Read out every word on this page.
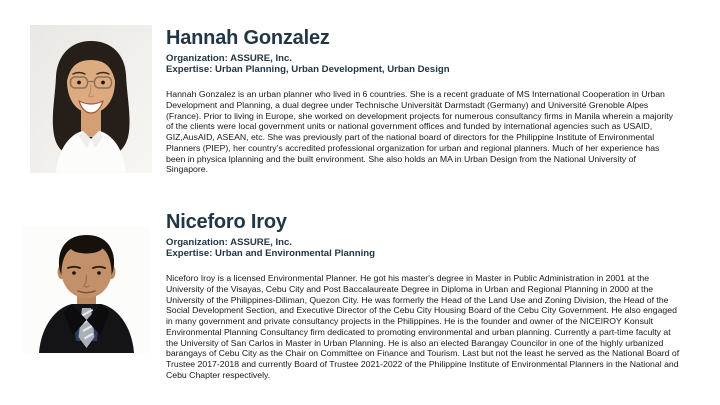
Hannah Gonzalez
Organization: ASSURE, Inc.
Expertise: Urban Planning, Urban Development, Urban Design
Hannah Gonzalez is an urban planner who lived in 6 countries. She is a recent graduate of MS International Cooperation in Urban Development and Planning, a dual degree under Technische Universität Darmstadt (Germany) and Université Grenoble Alpes (France). Prior to living in Europe, she worked on development projects for numerous consultancy firms in Manila wherein a majority of the clients were local government units or national government offices and funded by international agencies such as USAID, GIZ,AusAID, ASEAN, etc. She was previously part of the national board of directors for the Philippine Institute of Environmental Planners (PIEP), her country’s accredited professional organization for urban and regional planners. Much of her experience has been in physica lplanning and the built environment. She also holds an MA in Urban Design from the National University of Singapore.
Niceforo Iroy
Organization: ASSURE, Inc.
Expertise: Urban and Environmental Planning
Niceforo Iroy is a licensed Environmental Planner. He got his master's degree in Master in Public Administration in 2001 at the University of the Visayas, Cebu City and Post Baccalaureate Degree in Diploma in Urban and Regional Planning in 2000 at the University of the Philippines-Diliman, Quezon City. He was formerly the Head of the Land Use and Zoning Division, the Head of the Social Development Section, and Executive Director of the Cebu City Housing Board of the Cebu City Government. He also engaged in many government and private consultancy projects in the Philippines. He is the founder and owner of the NICEIROY Konsult Environmental Planning Consultancy firm dedicated to promoting environmental and urban planning. Currently a part-time faculty at the University of San Carlos in Master in Urban Planning. He is also an elected Barangay Councilor in one of the highly urbanized barangays of Cebu City as the Chair on Committee on Finance and Tourism. Last but not the least he served as the National Board of Trustee 2017-2018 and currently Board of Trustee 2021-2022 of the Philippine Institute of Environmental Planners in the National and Cebu Chapter respectively.
